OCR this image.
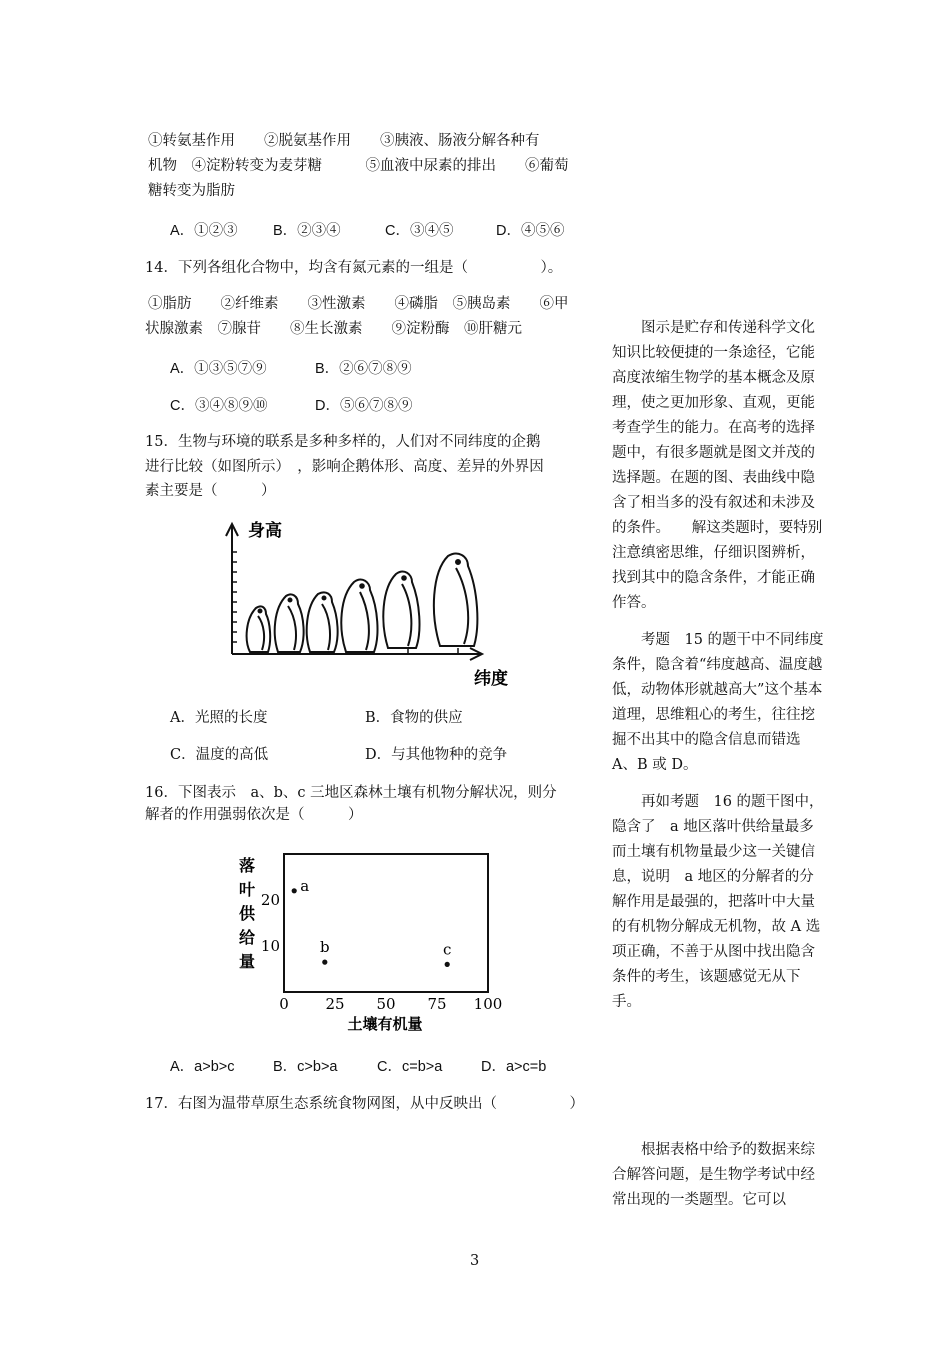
①转氨基作用　　②脱氨基作用　　③胰液、肠液分解各种有
机物　④淀粉转变为麦芽糖　　　⑤血液中尿素的排出　　⑥葡萄
糖转变为脂肪
A．①②③ B．②③④	C．③④⑤	D．④⑤⑥
14．下列各组化合物中，均含有氮元素的一组是（　　　　　）。
①脂肪　　②纤维素　　③性激素　　④磷脂　⑤胰岛素　　⑥甲
状腺激素　⑦腺苷　　⑧生长激素　　⑨淀粉酶　⑩肝糖元
A．①③⑤⑦⑨	B．②⑥⑦⑧⑨
C．③④⑧⑨⑩	D．⑤⑥⑦⑧⑨
15．生物与环境的联系是多种多样的，人们对不同纬度的企鹅
进行比较（如图所示）　，影响企鹅体形、高度、差异的外界因
素主要是（　　　）
身高
纬度
A．光照的长度	B．食物的供应
C．温度的高低	D．与其他物种的竞争
16．下图表示　a、b、c 三地区森林土壤有机物分解状况，则分
解者的作用强弱依次是（　　　）
落
叶
供
给
量
土壤有机量
0 25 50 75 100
10
20
a
b	c
A．a>b>c	B．c>b>a	C．c=b>a	D．a>c=b
17．右图为温带草原生态系统食物网图，从中反映出（　　　　　）
　　图示是贮存和传递科学文化知识比较便捷的一条途径，它能高度浓缩生物学的基本概念及原理，使之更加形象、直观，更能考查学生的能力。在高考的选择题中，有很多题就是图文并茂的选择题。在题的图、表曲线中隐含了相当多的没有叙述和未涉及的条件。　　解这类题时，要特别注意缜密思维，仔细识图辨析，找到其中的隐含条件，才能正确作答。
　　考题　15 的题干中不同纬度条件，隐含着“纬度越高、温度越低，动物体形就越高大”这个基本道理，思维粗心的考生，往往挖掘不出其中的隐含信息而错选　A、B 或 D。
　　再如考题　16 的题干图中，隐含了　a 地区落叶供给量最多而土壤有机物量最少这一关键信息，说明　a 地区的分解者的分解作用是最强的，把落叶中大量的有机物分解成无机物，故 A 选项正确，不善于从图中找出隐含条件的考生，该题感觉无从下手。
　　根据表格中给予的数据来综合解答问题，是生物学考试中经常出现的一类题型。它可以
3
